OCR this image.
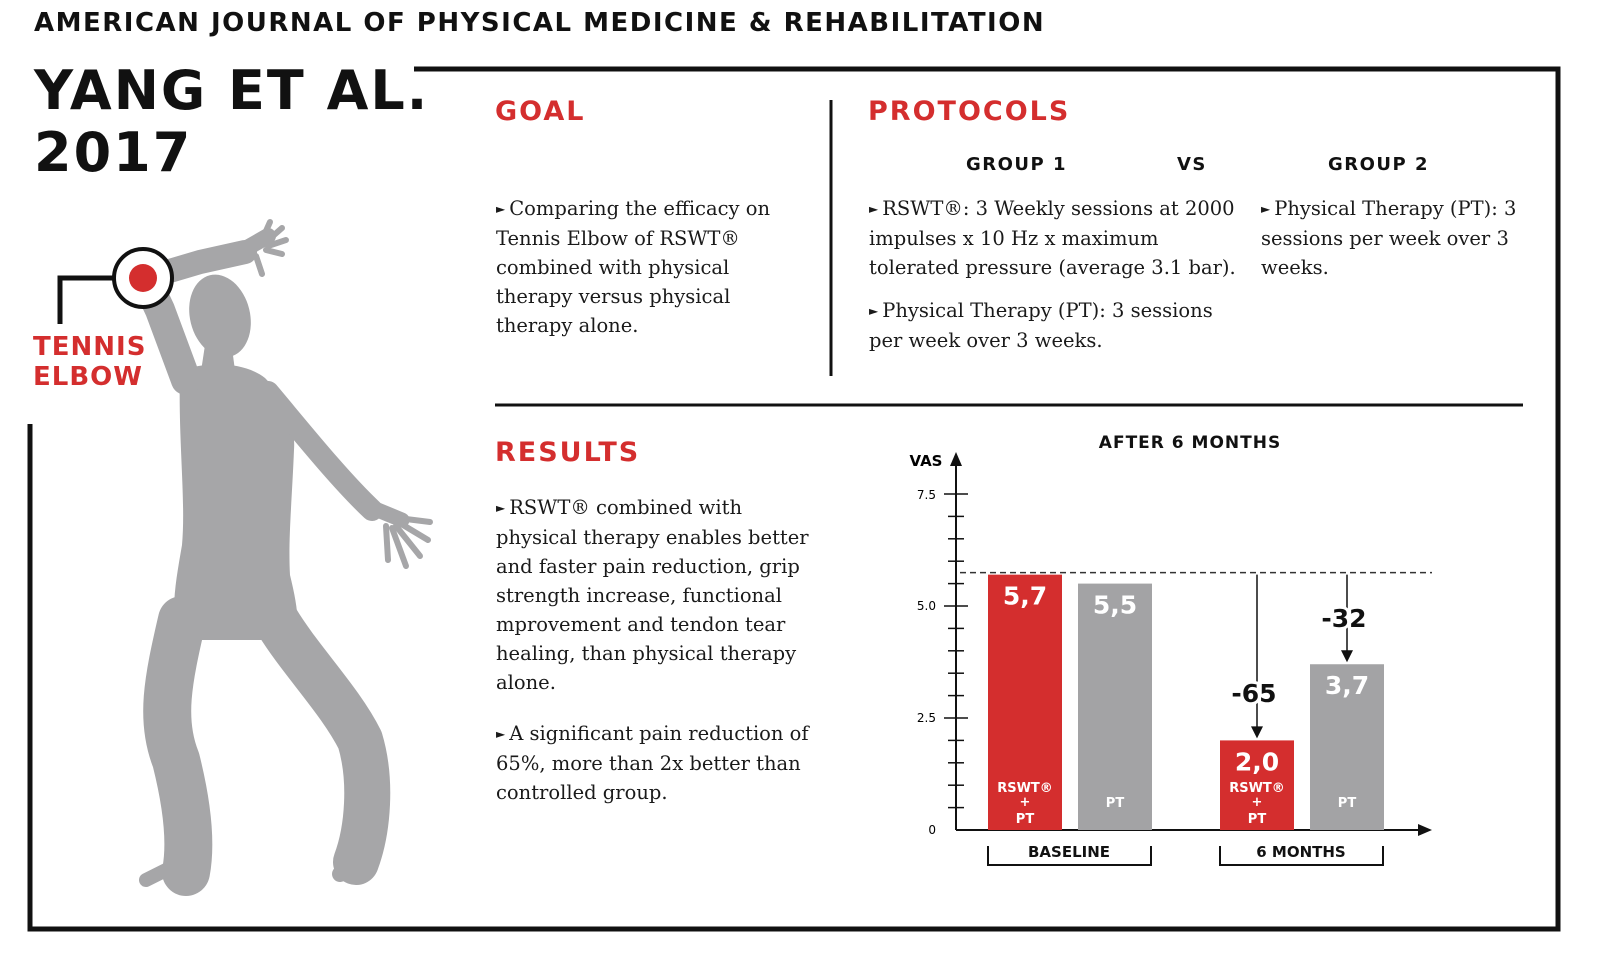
AMERICAN JOURNAL OF PHYSICAL MEDICINE & REHABILITATION
YANG ET AL.
2017
TENNIS
ELBOW
GOAL

► Comparing the efficacy on Tennis Elbow of RSWT® combined with physical therapy versus physical therapy alone.

PROTOCOLS
GROUP 1	VS	GROUP 2

► RSWT®: 3 Weekly sessions at 2000 impulses x 10 Hz x maximum tolerated pressure (average 3.1 bar).

► Physical Therapy (PT): 3 sessions per week over 3 weeks.

► Physical Therapy (PT): 3 sessions per week over 3 weeks.

RESULTS

► RSWT® combined with physical therapy enables better and faster pain reduction, grip strength increase, functional mprovement and tendon tear healing, than physical therapy alone.

► A significant pain reduction of 65%, more than 2x better than controlled group.

AFTER 6 MONTHS
VAS
7.5
5.0
2.5
0
5,7 5,5
2,0
3,7
RSWT®
+
PT
PT
RSWT®
+
PT
PT
-65
-32
BASELINE	6 MONTHS
